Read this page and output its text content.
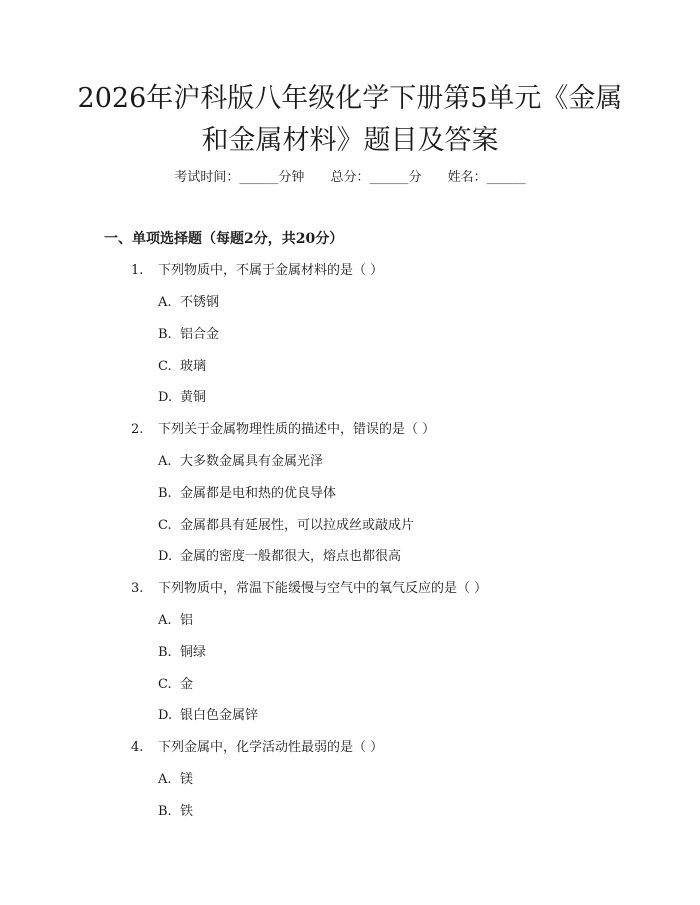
2026年沪科版八年级化学下册第5单元《金属和金属材料》题目及答案
考试时间：______分钟 总分：______分 姓名：______
一、单项选择题（每题2分，共20分）
1. 下列物质中，不属于金属材料的是（ ）
A. 不锈钢
B. 铝合金
C. 玻璃
D. 黄铜
2. 下列关于金属物理性质的描述中，错误的是（ ）
A. 大多数金属具有金属光泽
B. 金属都是电和热的优良导体
C. 金属都具有延展性，可以拉成丝或敲成片
D. 金属的密度一般都很大，熔点也都很高
3. 下列物质中，常温下能缓慢与空气中的氧气反应的是（ ）
A. 铝
B. 铜绿
C. 金
D. 银白色金属锌
4. 下列金属中，化学活动性最弱的是（ ）
A. 镁
B. 铁
